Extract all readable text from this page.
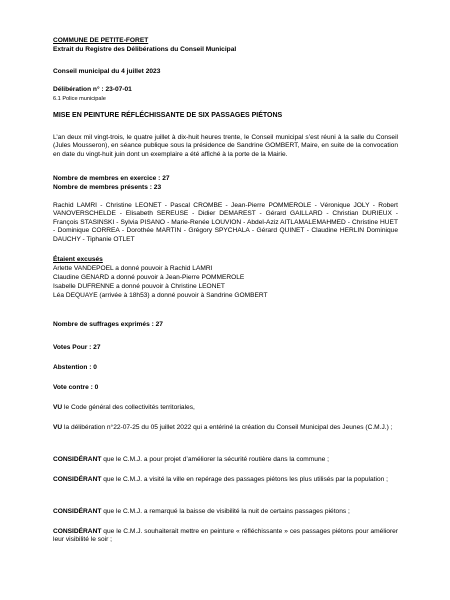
COMMUNE DE PETITE-FORET
Extrait du Registre des Délibérations du Conseil Municipal
Conseil municipal du 4 juillet 2023
Délibération n° : 23-07-01
6.1 Police municipale
MISE EN PEINTURE RÉFLÉCHISSANTE DE SIX PASSAGES PIÉTONS
L’an deux mil vingt-trois, le quatre juillet à dix-huit heures trente, le Conseil municipal s’est réuni à la salle du Conseil (Jules Mousseron), en séance publique sous la présidence de Sandrine GOMBERT, Maire, en suite de la convocation en date du vingt-huit juin dont un exemplaire a été affiché à la porte de la Mairie.
Nombre de membres en exercice : 27
Nombre de membres présents : 23
Rachid LAMRI - Christine LEONET - Pascal CROMBE - Jean-Pierre POMMEROLE - Véronique JOLY - Robert VANOVERSCHELDE - Elisabeth SEREUSE - Didier DEMAREST - Gérard GAILLARD - Christian DURIEUX - François STASINSKI - Sylvia PISANO - Marie-Renée LOUVION - Abdel-Aziz AITLAMALEMAHMED - Christine HUET - Dominique CORREA - Dorothée MARTIN - Grégory SPYCHALA - Gérard QUINET - Claudine HERLIN Dominique DAUCHY - Tiphanie OTLET
Étaient excusés
Arlette VANDEPOEL a donné pouvoir à Rachid LAMRI
Claudine GENARD a donné pouvoir à Jean-Pierre POMMEROLE
Isabelle DUFRENNE a donné pouvoir à Christine LEONET
Léa DEQUAYE (arrivée à 18h53) a donné pouvoir à Sandrine GOMBERT
Nombre de suffrages exprimés : 27
Votes Pour : 27
Abstention : 0
Vote contre : 0
VU le Code général des collectivités territoriales,
VU la délibération n°22-07-25 du 05 juillet 2022 qui a entériné la création du Conseil Municipal des Jeunes (C.M.J.) ;
CONSIDÉRANT que le C.M.J. a pour projet d’améliorer la sécurité routière dans la commune ;
CONSIDÉRANT que le C.M.J. a visité la ville en repérage des passages piétons les plus utilisés par la population ;
CONSIDÉRANT que le C.M.J. a remarqué la baisse de visibilité la nuit de certains passages piétons ;
CONSIDÉRANT que le C.M.J. souhaiterait mettre en peinture « réfléchissante » ces passages piétons pour améliorer leur visibilité le soir ;
